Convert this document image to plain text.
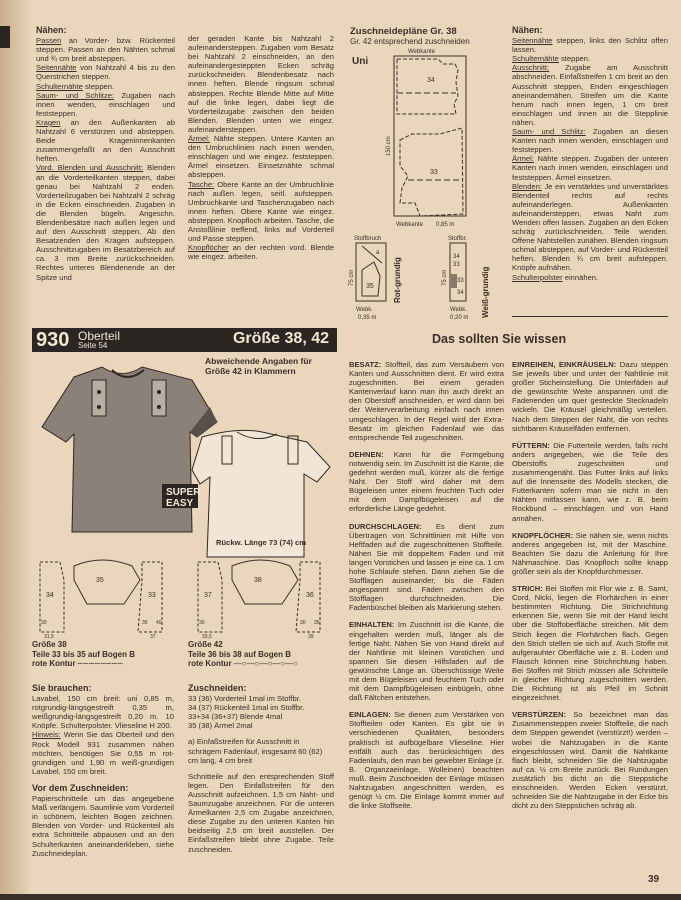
Nähen:

Passen an Vorder- bzw. Rückenteil steppen. Passen an den Nähten schmal und ¾ cm breit absteppen.

Seitennähte von Nahtzahl 4 bis zu den Querstrichen steppen.

Schulternähte steppen.

Saum- und Schlitze: Zugaben nach innen wenden, einschlagen und feststeppen.

Kragen an den Außenkanten ab Nahtzahl 6 verstürzen und absteppen. Beide Krageninnenkanten zusammengefaßt an den Ausschnitt heften.

Vord. Blenden und Ausschnitt: Blenden an die Vorderteilkanten steppen, dabei genau bei Nahtzahl 2 enden. Vorderteilzugaben bei Nahtzahl 2 schräg in die Ecken einschneiden. Zugaben in die Blenden bügeln. Angeschn. Blendenbesätze nach außen legen und auf den Ausschnitt steppen. Ab den Besatzenden den Kragen aufsteppen. Ausschnittzugaben im Besatzbereich auf ca. 3 mm Breite zurückschneiden. Rechtes unteres Blendenende an der Spitze und

der geraden Kante bis Nahtzahl 2 aufeinandersteppen. Zugaben vom Besatz bei Nahtzahl 2 einschneiden, an den aufeinandergesteppten Ecken schräg zurückschneiden. Blendenbesatz nach innen heften. Blende ringsum schmal absteppen. Rechte Blende Mitte auf Mitte auf die linke legen, dabei liegt die Vorderteilzugabe zwischen den beiden Blenden. Blenden unten wie eingez. aufeinandersteppen.

Ärmel: Nähte steppen. Untere Kanten an den Umbruchlinien nach innen wenden, einschlagen und wie eingez. feststeppen. Ärmel einsetzen. Einsetznähte schmal absteppen.

Tasche: Obere Kante an der Umbruchlinie nach außen legen, seitl. aufsteppen. Umbruchkante und Taschenzugaben nach innen heften. Obere Kante wie eingez. absteppen. Knopfloch arbeiten. Tasche, die Anstoßlinie treffend, links auf Vorderteil und Passe steppen.

Knopflöcher an der rechten vord. Blende wie eingez. arbeiten.

Zuschneidepläne Gr. 38
Gr. 42 entsprechend zuschneiden
Uni
Webkante
34
150 cm
33
Webkante 0,85 m
Stoffbruch
a
35
75 cm
Webk.
0,35 m
Rot-grundig
Stoffbr.
34
33
33
34
75 cm
Webk.
0,20 m Weiß-grundig
Nähen:

Seitennähte steppen, links den Schlitz offen lassen.

Schulternähte steppen.

Ausschnitt: Zugabe am Ausschnitt abschneiden. Einfaßstreifen 1 cm breit an den Ausschnitt steppen, Enden eingeschlagen aneinandernähen. Streifen um die Kante herum nach innen legen, 1 cm breit einschlagen und innen an die Stepplinie nähen.

Saum- und Schlitz: Zugaben an diesen Kanten nach innen wenden, einschlagen und feststeppen.

Ärmel: Nähte steppen. Zugaben der unteren Kanten nach innen wenden, einschlagen und feststeppen. Ärmel einsetzen.

Blenden: Je ein verstärktes und unverstärktes Blendenteil rechts auf rechts aufeinanderlegen. Außenkanten aufeinandersteppen, etwas Naht zum Wenden offen lassen. Zugaben an den Ecken schräg zurückschneiden. Teile wenden. Offene Nahtstellen zunähen. Blenden ringsum schmal absteppen, auf Vorder- und Rückenteil heften. Blenden ¾ cm breit aufsteppen. Knöpfe aufnähen.

Schulterpolster einnähen.

930 Oberteil
Seite 54	Größe 38, 42
Abweichende Angaben für Größe 42 in Klammern
SUPER
EASY
Rückw. Länge 73 (74) cm
34
35
33
30
31,5	37
35 40
37
38
36
30
33,5	39
30 35
Größe 38
Teile 33 bis 35 auf Bogen B
rote Kontur ∼∼∼∼∼∼∼∼
Größe 42
Teile 36 bis 38 auf Bogen B
rote Kontur —○—○—○—○—○
Sie brauchen:

Lavabel, 150 cm breit: uni 0,85 m, rotgrundig-längsgestreift 0,35 m, weißgrundig-längsgestreift 0,20 m. 10 Knöpfe. Schulterpolster. Vlieseline H 200.

Hinweis: Wenn Sie das Oberteil und den Rock Modell 931 zusammen nähen möchten, benötigen Sie 0,55 m rot-grundigen und 1,90 m weiß-grundigen Lavabel, 150 cm breit.

Vor dem Zuschneiden:

Papierschnitteile um das angegebene Maß verlängern. Saumlinie vom Vorderteil in schönem, leichten Bogen zeichnen. Blenden von Vorder- und Rückenteil als extra Schnitteile abpausen und an den Schulterkanten aneinanderkleben, siehe Zuschneideplan.

Zuschneiden:
33 (36) Vorderteil 1mal im Stoffbr.
34 (37) Rückenteil 1mal im Stoffbr.
33+34 (36+37) Blende 4mal
35 (38) Ärmel 2mal

a) Einfaßstreifen für Ausschnitt in schrägem Fadenlauf, insgesamt 60 (62) cm lang, 4 cm breit

Schnitteile auf den entsprechenden Stoff legen. Den Einfaßstreifen für den Ausschnitt aufzeichnen. 1,5 cm Naht- und Saumzugabe anzeichnen. Für die unteren Ärmelkanten 2,5 cm Zugabe anzeichnen, diese Zugabe zu den unteren Kanten hin beidseitig 2,5 cm breit ausstellen. Der Einfaßstreifen bleibt ohne Zugabe. Teile zuschneiden.

Das sollten Sie wissen

BESATZ: Stoffteil, das zum Versäubern von Kanten und Ausschnitten dient. Er wird extra zugeschnitten. Bei einem geraden Kantenverlauf kann man ihn auch direkt an den Oberstoff anschneiden, er wird dann bei der Weiterverarbeitung einfach nach innen umgeschlagen. In der Regel wird der Extra-Besatz im gleichen Fadenlauf wie das entsprechende Teil zugeschnitten.

DEHNEN: Kann für die Formgebung notwendig sein. Im Zuschnitt ist die Kante, die gedehnt werden muß, kürzer als die fertige Naht. Der Stoff wird daher mit dem Bügeleisen unter einem feuchten Tuch oder mit dem Dampfbügeleisen auf die erforderliche Länge gedehnt.

DURCHSCHLAGEN: Es dient zum Übertragen von Schnittlinien mit Hilfe von Heftfaden auf die zugeschnittenen Stoffteile. Nähen Sie mit doppeltem Faden und mit langen Vorstichen und lassen je eine ca. 1 cm hohe Schlaufe stehen. Dann ziehen Sie die Stofflagen auseinander, bis die Fäden angespannt sind. Fäden zwischen den Stofflagen durchschneiden. Die Fadenbüschel bleiben als Markierung stehen.

EINHALTEN: Im Zuschnitt ist die Kante, die eingehalten werden muß, länger als die fertige Naht. Nähen Sie von Hand direkt auf der Nahtlinie mit kleinen Vorstichen und spannen Sie diesen Hilfsfaden auf die gewünschte Länge an. Überschüssige Weite mit dem Bügeleisen und feuchtem Tuch oder mit dem Dampfbügeleisen einbügeln, ohne daß Fältchen entstehen.

EINLAGEN: Sie dienen zum Verstärken von Stoffteilen oder Kanten. Es gibt sie in verschiedenen Qualitäten, besonders praktisch ist aufbügelbare Vlieseline. Hier entfällt auch das berücksichtigen des Fadenlaufs, den man bei gewebter Einlage (z. B. Organzaeinlage, Wolleinen) beachten muß. Beim Zuschneiden der Einlage müssen Nahtzugaben angeschnitten werden, es genügt ½ cm. Die Einlage kommt immer auf die linke Stoffseite.

EINREIHEN, EINKRÄUSELN: Dazu steppen Sie jeweils über und unter der Nahtlinie mit großer Sticheinstellung. Die Unterfäden auf die gewünschte Weite anspannen und die Fadenenden um quer gesteckte Stecknadeln wickeln. Die Kräusel gleichmäßig verteilen. Nach dem Steppen der Naht, die von rechts sichtbaren Kräuselfäden entfernen.

FÜTTERN: Die Futterteile werden, falls nicht anders angegeben, wie die Teile des Oberstoffs zugeschnitten und zusammengenäht. Das Futter links auf links auf die Innenseite des Modells stecken, die Futterkanten sofern man sie nicht in den Nähten mitfassen kann, wie z. B. beim Rockbund – einschlagen und von Hand annähen.

KNOPFLÖCHER: Sie nähen sie, wenn nichts anderes angegeben ist, mit der Maschine. Beachten Sie dazu die Anleitung für Ihre Nähmaschine. Das Knopfloch sollte knapp größer sein als der Knopfdurchmesser.

STRICH: Bei Stoffen mit Flor wie z. B. Samt, Cord, Nicki, liegen die Florhärchen in einer bestimmten Richtung. Die Strichrichtung erkennen Sie, wenn Sie mit der Hand leicht über die Stoffoberfläche streichen. Mit dem Strich liegen die Florhärchen flach. Gegen den Strich stellen sie sich auf. Auch Stoffe mit aufgerauhter Oberfläche wie z. B. Loden und Flausch können eine Strichrichtung haben. Bei Stoffen mit Strich müssen alle Schnitteile in gleicher Richtung zugeschnitten werden. Die Richtung ist als Pfeil im Schnitt eingezeichnet.

VERSTÜRZEN: So bezeichnet man das Zusammensteppen zweier Stoffteile, die nach dem Steppen gewendet (verstürzt!) werden – wobei die Nahtzugaben in die Kante eingeschlossen wird. Damit die Nahtkante flach bleibt, schneiden Sie die Nahtzugabe auf ca. ½ cm Breite zurück. Bei Rundungen zusätzlich bis dicht an die Steppstiche einschneiden. Werden Ecken verstürzt, schneiden Sie die Nahtzugabe in der Ecke bis dicht zu den Steppstichen schräg ab.

39
